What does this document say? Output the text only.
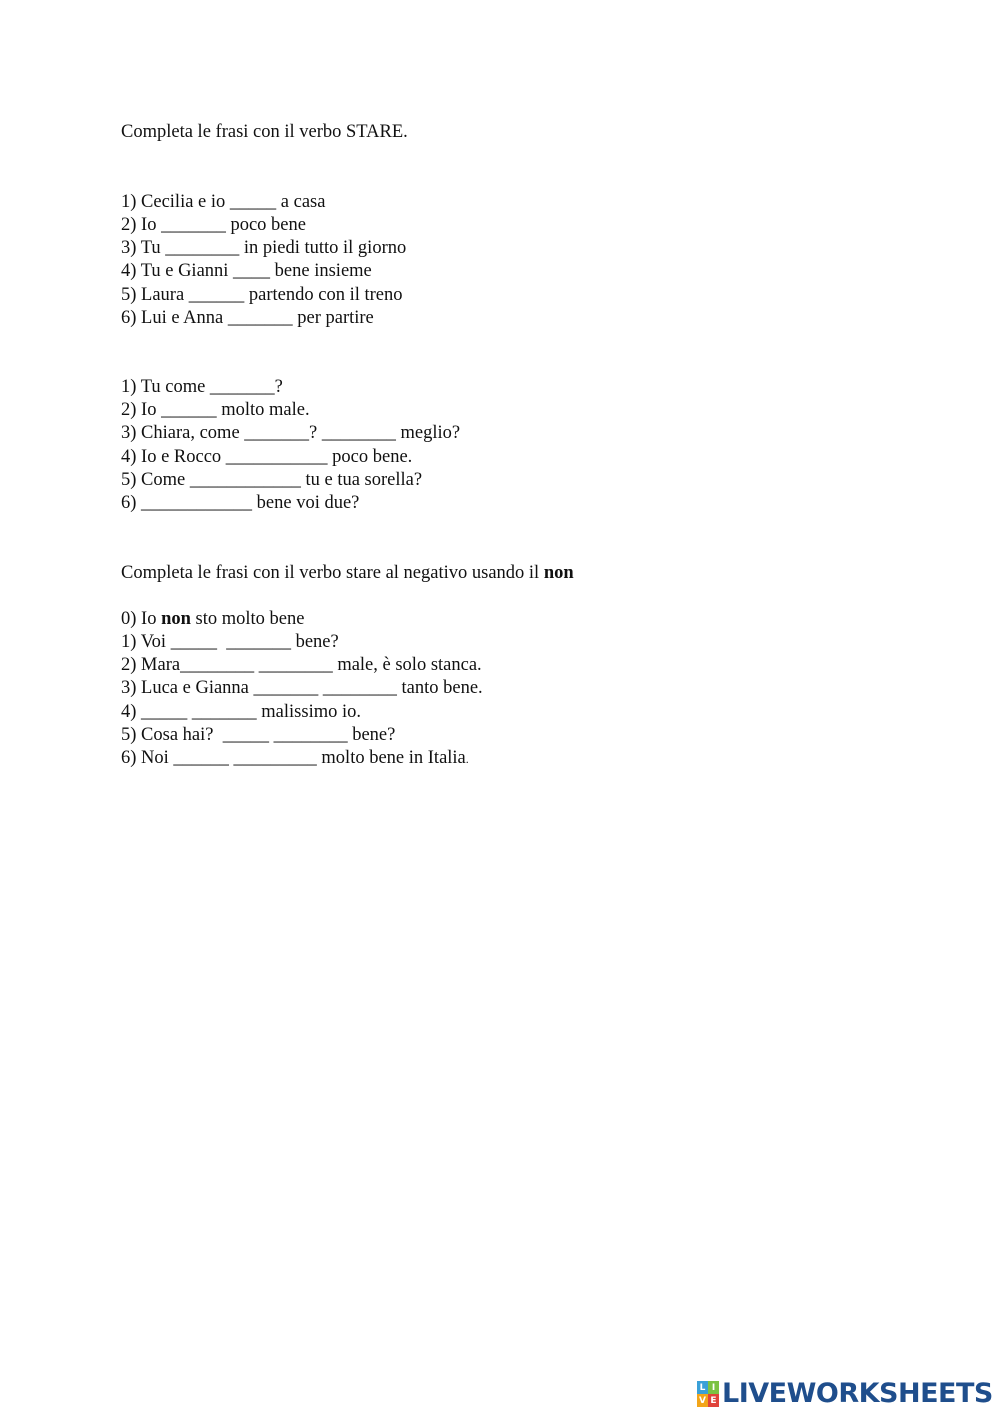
Completa le frasi con il verbo STARE.
1) Cecilia e io _____ a casa
2) Io _______ poco bene
3) Tu ________ in piedi tutto il giorno
4) Tu e Gianni ____ bene insieme
5) Laura ______ partendo con il treno
6) Lui e Anna _______ per partire
1) Tu come _______?
2) Io ______ molto male.
3) Chiara, come _______? ________ meglio?
4) Io e Rocco ___________ poco bene.
5) Come ____________ tu e tua sorella?
6) ____________ bene voi due?
Completa le frasi con il verbo stare al negativo usando il non
0) Io non sto molto bene
1) Voi _____  _______ bene?
2) Mara________ ________ male, è solo stanca.
3) Luca e Gianna _______ ________ tanto bene.
4) _____ _______ malissimo io.
5) Cosa hai?  _____ ________ bene?
6) Noi ______ _________ molto bene in Italia.
L I
V E LIVEWORKSHEETS
